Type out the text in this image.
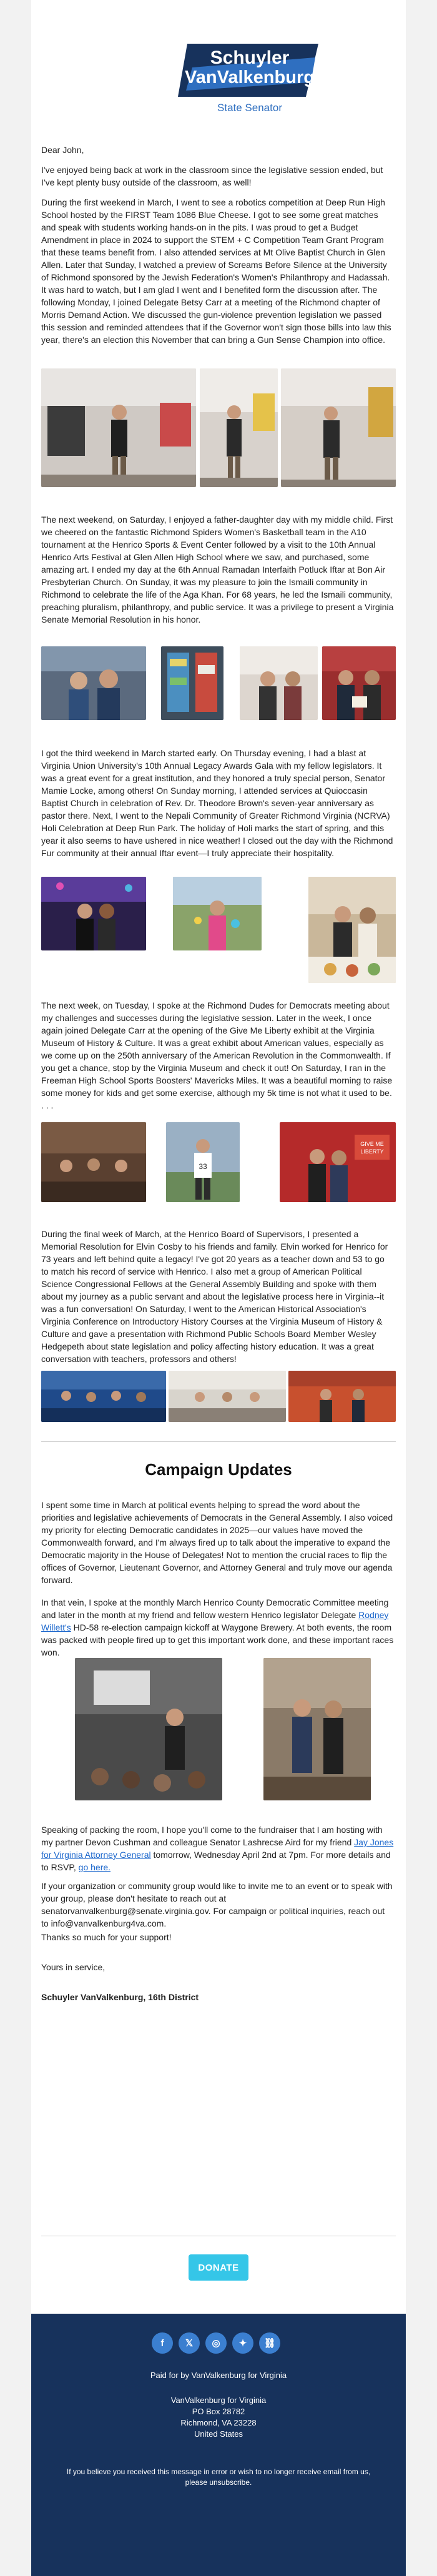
Schuyler
VanValkenburg
State Senator

Dear John,

I've enjoyed being back at work in the classroom since the legislative session ended, but I've kept plenty busy outside of the classroom, as well!

During the first weekend in March, I went to see a robotics competition at Deep Run High School hosted by the FIRST Team 1086 Blue Cheese. I got to see some great matches and speak with students working hands-on in the pits. I was proud to get a Budget Amendment in place in 2024 to support the STEM + C Competition Team Grant Program that these teams benefit from. I also attended services at Mt Olive Baptist Church in Glen Allen. Later that Sunday, I watched a preview of Screams Before Silence at the University of Richmond sponsored by the Jewish Federation's Women's Philanthropy and Hadassah. It was hard to watch, but I am glad I went and I benefited form the discussion after. The following Monday, I joined Delegate Betsy Carr at a meeting of the Richmond chapter of Morris Demand Action. We discussed the gun-violence prevention legislation we passed this session and reminded attendees that if the Governor won't sign those bills into law this year, there's an election this November that can bring a Gun Sense Champion into office.

The next weekend, on Saturday, I enjoyed a father-daughter day with my middle child. First we cheered on the fantastic Richmond Spiders Women's Basketball team in the A10 tournament at the Henrico Sports & Event Center followed by a visit to the 10th Annual Henrico Arts Festival at Glen Allen High School where we saw, and purchased, some amazing art. I ended my day at the 6th Annual Ramadan Interfaith Potluck Iftar at Bon Air Presbyterian Church. On Sunday, it was my pleasure to join the Ismaili community in Richmond to celebrate the life of the Aga Khan. For 68 years, he led the Ismaili community, preaching pluralism, philanthropy, and public service. It was a privilege to present a Virginia Senate Memorial Resolution in his honor.

I got the third weekend in March started early. On Thursday evening, I had a blast at Virginia Union University's 10th Annual Legacy Awards Gala with my fellow legislators. It was a great event for a great institution, and they honored a truly special person, Senator Mamie Locke, among others! On Sunday morning, I attended services at Quioccasin Baptist Church in celebration of Rev. Dr. Theodore Brown's seven-year anniversary as pastor there. Next, I went to the Nepali Community of Greater Richmond Virginia (NCRVA) Holi Celebration at Deep Run Park. The holiday of Holi marks the start of spring, and this year it also seems to have ushered in nice weather! I closed out the day with the Richmond Fur community at their annual Iftar event—I truly appreciate their hospitality.

The next week, on Tuesday, I spoke at the Richmond Dudes for Democrats meeting about my challenges and successes during the legislative session. Later in the week, I once again joined Delegate Carr at the opening of the Give Me Liberty exhibit at the Virginia Museum of History & Culture. It was a great exhibit about American values, especially as we come up on the 250th anniversary of the American Revolution in the Commonwealth. If you get a chance, stop by the Virginia Museum and check it out! On Saturday, I ran in the Freeman High School Sports Boosters' Mavericks Miles. It was a beautiful morning to raise some money for kids and get some exercise, although my 5k time is not what it used to be. . . .

33
GIVE ME
LIBERTY

During the final week of March, at the Henrico Board of Supervisors, I presented a Memorial Resolution for Elvin Cosby to his friends and family. Elvin worked for Henrico for 73 years and left behind quite a legacy! I've got 20 years as a teacher down and 53 to go to match his record of service with Henrico. I also met a group of American Political Science Congressional Fellows at the General Assembly Building and spoke with them about my journey as a public servant and about the legislative process here in Virginia--it was a fun conversation! On Saturday, I went to the American Historical Association's Virginia Conference on Introductory History Courses at the Virginia Museum of History & Culture and gave a presentation with Richmond Public Schools Board Member Wesley Hedgepeth about state legislation and policy affecting history education. It was a great conversation with teachers, professors and others!

Campaign Updates

I spent some time in March at political events helping to spread the word about the priorities and legislative achievements of Democrats in the General Assembly. I also voiced my priority for electing Democratic candidates in 2025—our values have moved the Commonwealth forward, and I'm always fired up to talk about the imperative to expand the Democratic majority in the House of Delegates! Not to mention the crucial races to flip the offices of Governor, Lieutenant Governor, and Attorney General and truly move our agenda forward.

In that vein, I spoke at the monthly March Henrico County Democratic Committee meeting and later in the month at my friend and fellow western Henrico legislator Delegate Rodney Willett's HD-58 re-election campaign kickoff at Waygone Brewery. At both events, the room was packed with people fired up to get this important work done, and these important races won.

Speaking of packing the room, I hope you'll come to the fundraiser that I am hosting with my partner Devon Cushman and colleague Senator Lashrecse Aird for my friend Jay Jones for Virginia Attorney General tomorrow, Wednesday April 2nd at 7pm. For more details and to RSVP, go here.

If your organization or community group would like to invite me to an event or to speak with your group, please don't hesitate to reach out at senatorvanvalkenburg@senate.virginia.gov. For campaign or political inquiries, reach out to info@vanvalkenburg4va.com.

Thanks so much for your support!

Yours in service,

Schuyler VanValkenburg, 16th District

DONATE
f	𝕏	◎	✦	⛓
Paid for by VanValkenburg for Virginia
VanValkenburg for Virginia
PO Box 28782
Richmond, VA 23228
United States
If you believe you received this message in error or wish to no longer receive email from us, please unsubscribe.
